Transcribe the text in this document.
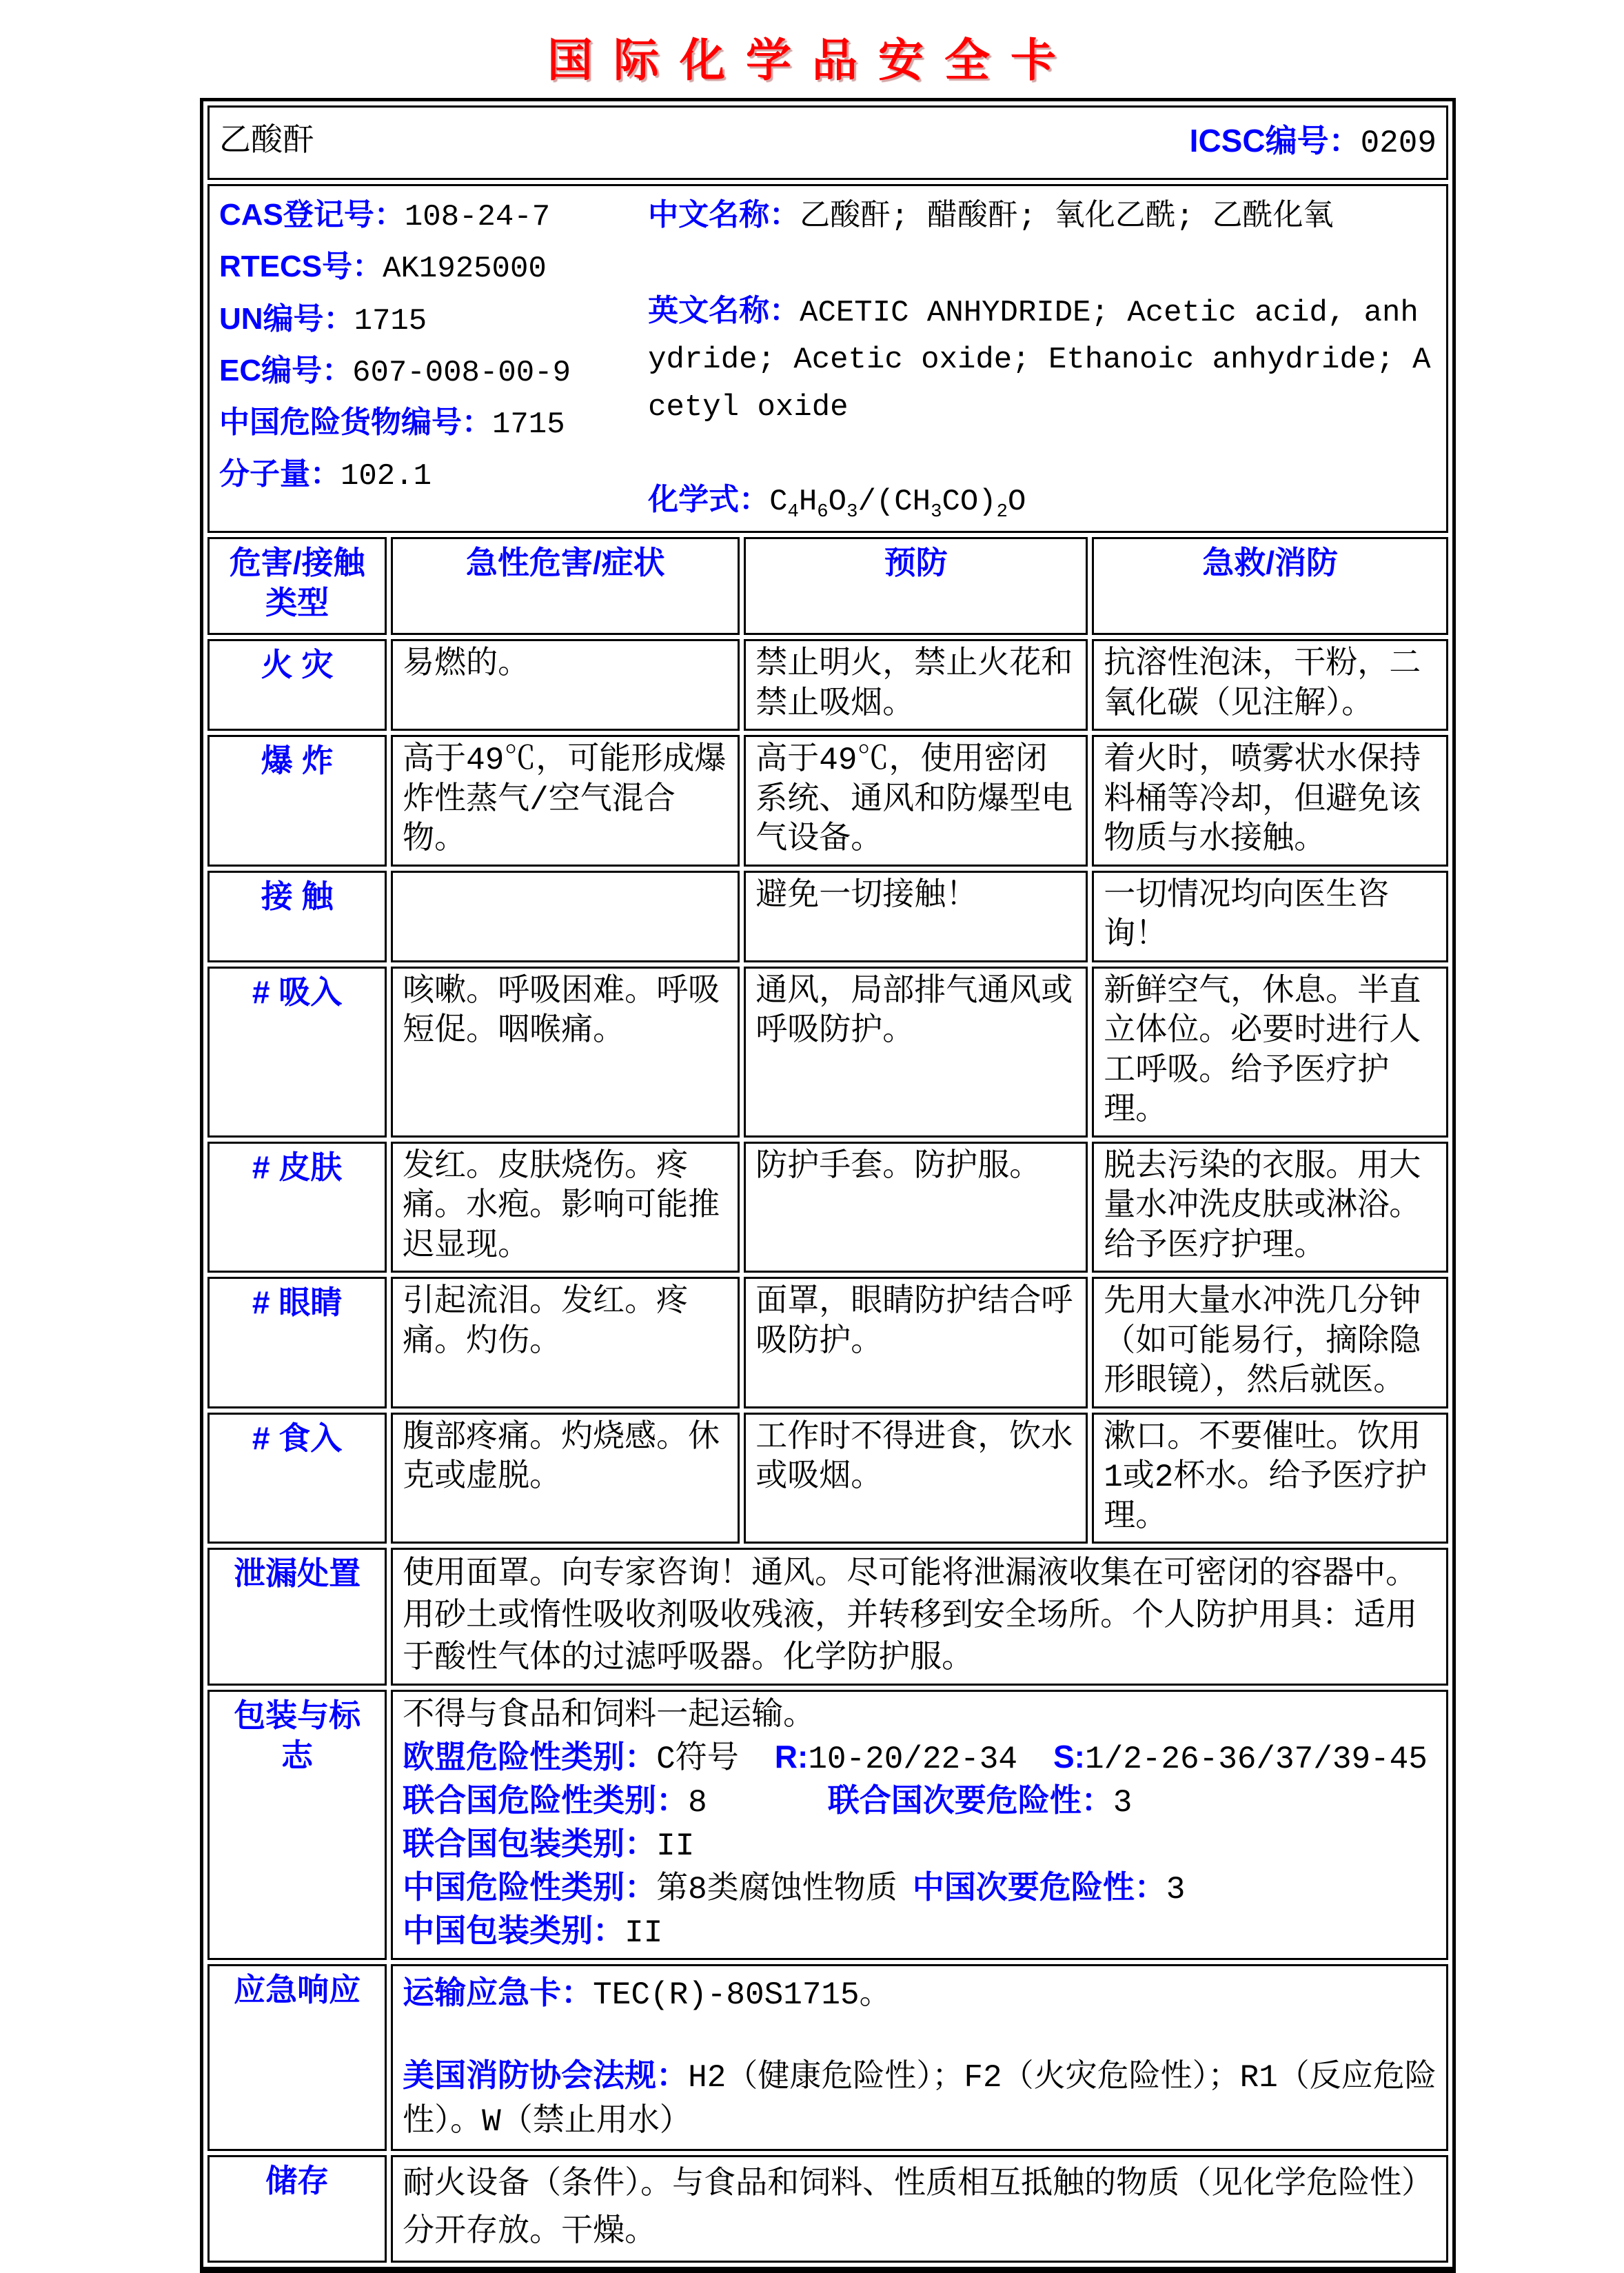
国际化学品安全卡
乙酸酐 ICSC编号：0209			

CAS登记号：108-24-7
RTECS号：AK1925000
UN编号：1715
EC编号：607-008-00-9
中国危险货物编号：1715
分子量：102.1
中文名称：乙酸酐; 醋酸酐; 氧化乙酰; 乙酰化氧
英文名称：ACETIC ANHYDRIDE; Acetic acid, anhydride; Acetic oxide; Ethanoic anhydride; Acetyl oxide
化学式：$C_4H_6O_3/(CH_3CO)_2O$

危害/接触
类型	急性危害/症状	预防	急救/消防
火 灾	易燃的。	禁止明火，禁止火花和禁止吸烟。	抗溶性泡沫，干粉，二氧化碳（见注解）。
爆 炸	高于49℃，可能形成爆炸性蒸气/空气混合物。	高于49℃，使用密闭系统、通风和防爆型电气设备。	着火时，喷雾状水保持料桶等冷却，但避免该物质与水接触。
接 触		避免一切接触！	一切情况均向医生咨询！
# 吸入	咳嗽。呼吸困难。呼吸短促。咽喉痛。	通风，局部排气通风或呼吸防护。	新鲜空气，休息。半直立体位。必要时进行人工呼吸。给予医疗护理。
# 皮肤	发红。皮肤烧伤。疼痛。水疱。影响可能推迟显现。	防护手套。防护服。	脱去污染的衣服。用大量水冲洗皮肤或淋浴。给予医疗护理。
# 眼睛	引起流泪。发红。疼痛。灼伤。	面罩，眼睛防护结合呼吸防护。	先用大量水冲洗几分钟（如可能易行，摘除隐形眼镜），然后就医。
# 食入	腹部疼痛。灼烧感。休克或虚脱。	工作时不得进食，饮水或吸烟。	漱口。不要催吐。饮用1或2杯水。给予医疗护理。
泄漏处置	使用面罩。向专家咨询！通风。尽可能将泄漏液收集在可密闭的容器中。用砂土或惰性吸收剂吸收残液，并转移到安全场所。个人防护用具：适用于酸性气体的过滤呼吸器。化学防护服。		

包装与标志	
不得与食品和饲料一起运输。
欧盟危险性类别：C符号 R:10-20/22-34 S:1/2-26-36/37/39-45
联合国危险性类别：8	联合国次要危险性：3
联合国包装类别：II
中国危险性类别：第8类腐蚀性物质 中国次要危险性：3
中国包装类别：II

应急响应	运输应急卡：TEC(R)-80S1715。

美国消防协会法规：H2（健康危险性）；F2（火灾危险性）；R1（反应危险性）。W（禁止用水）		

储存	耐火设备（条件）。与食品和饲料、性质相互抵触的物质（见化学危险性）分开存放。干燥。		
